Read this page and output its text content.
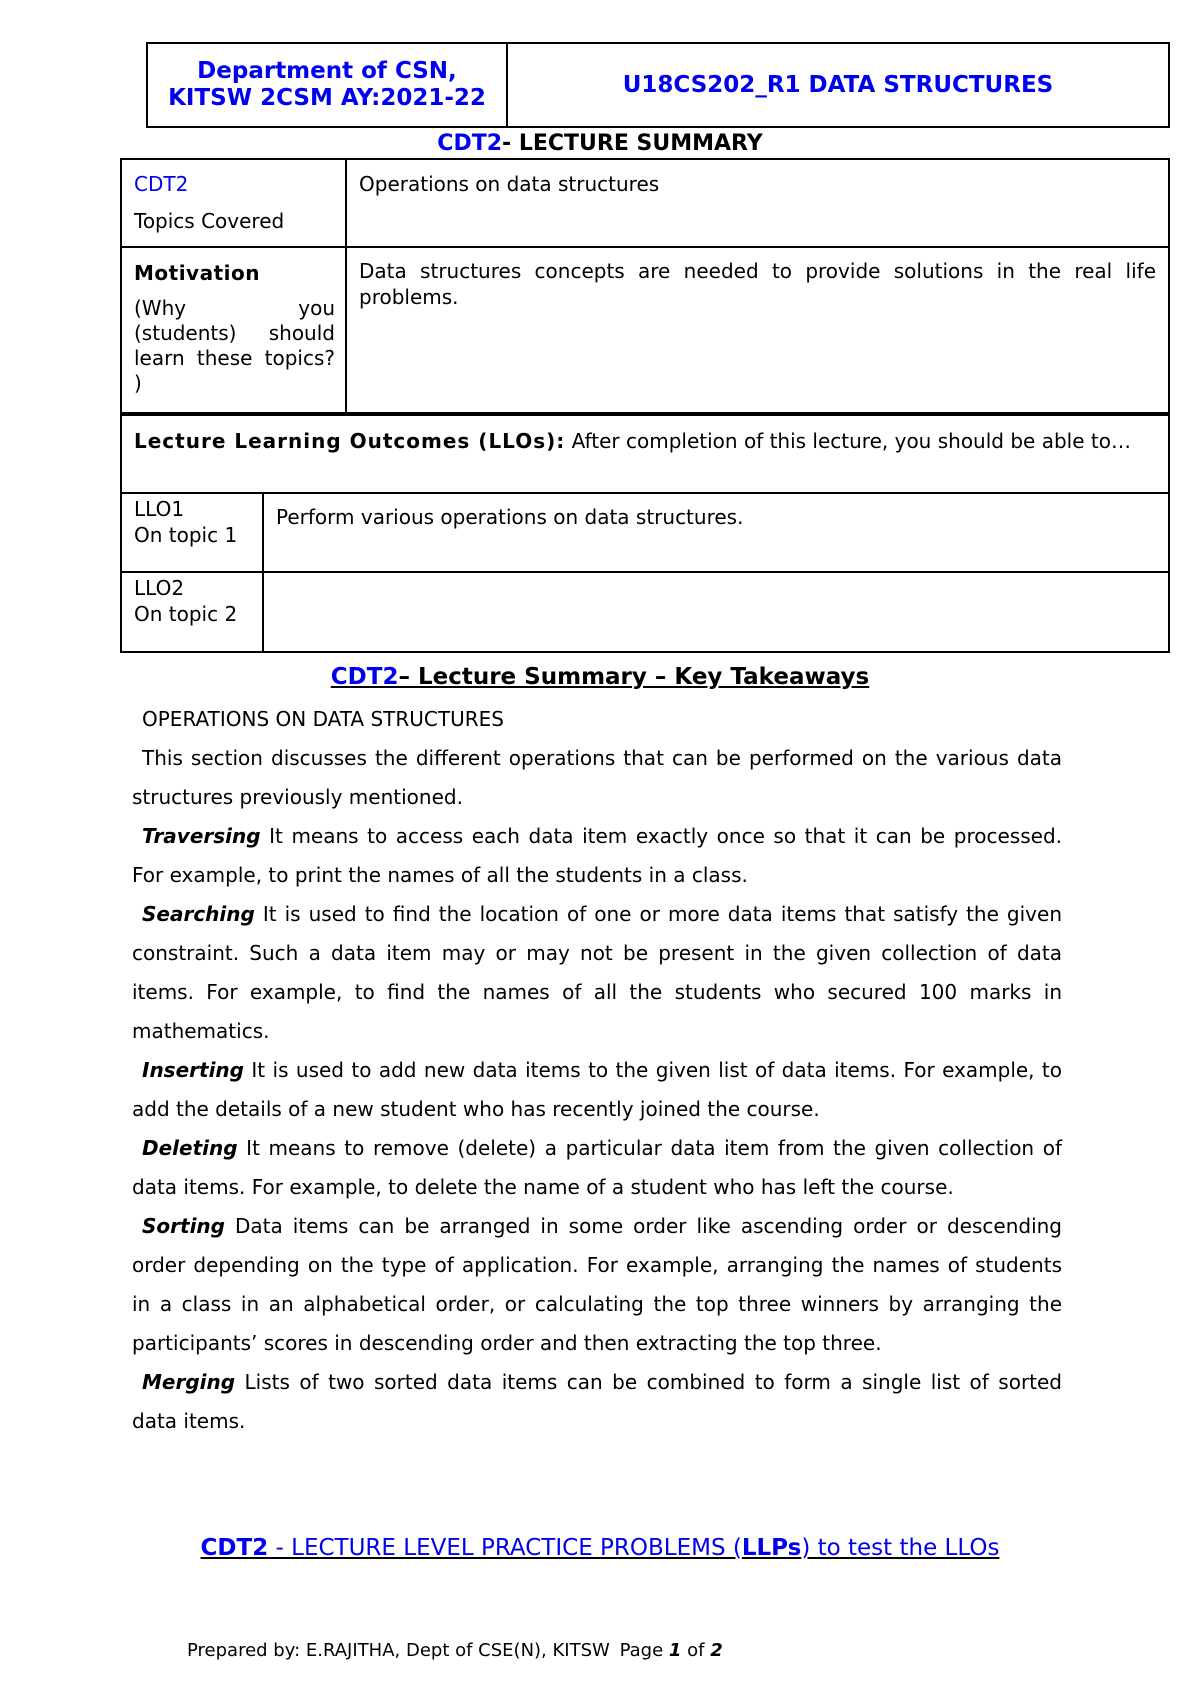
Department of CSN,
KITSW 2CSM AY:2021-22	U18CS202_R1 DATA STRUCTURES
CDT2- LECTURE SUMMARY
CDT2
Topics Covered	Operations on data structures

Motivation
(Why you (students) should learn these topics? )	Data structures concepts are needed to provide solutions in the real life problems.
Lecture Learning Outcomes (LLOs): After completion of this lecture, you should be able to…	

LLO1
On topic 1	Perform various operations on data structures.

LLO2
On topic 2	

CDT2– Lecture Summary – Key Takeaways

OPERATIONS ON DATA STRUCTURES

This section discusses the different operations that can be performed on the various data structures previously mentioned.

Traversing It means to access each data item exactly once so that it can be processed. For example, to print the names of all the students in a class.

Searching It is used to find the location of one or more data items that satisfy the given constraint. Such a data item may or may not be present in the given collection of data items. For example, to find the names of all the students who secured 100 marks in mathematics.

Inserting It is used to add new data items to the given list of data items. For example, to add the details of a new student who has recently joined the course.

Deleting It means to remove (delete) a particular data item from the given collection of data items. For example, to delete the name of a student who has left the course.

Sorting Data items can be arranged in some order like ascending order or descending order depending on the type of application. For example, arranging the names of students in a class in an alphabetical order, or calculating the top three winners by arranging the participants’ scores in descending order and then extracting the top three.

Merging Lists of two sorted data items can be combined to form a single list of sorted data items.

CDT2 - LECTURE LEVEL PRACTICE PROBLEMS (LLPs) to test the LLOs
Prepared by: E.RAJITHA, Dept of CSE(N), KITSW Page 1 of 2
